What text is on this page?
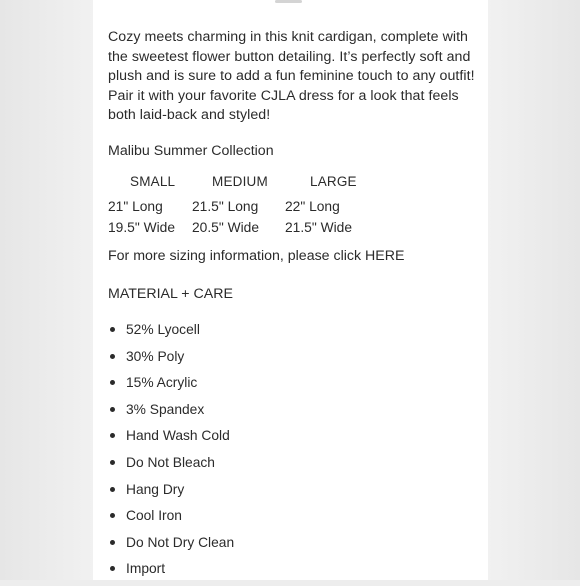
Cozy meets charming in this knit cardigan, complete with the sweetest flower button detailing. It’s perfectly soft and plush and is sure to add a fun feminine touch to any outfit! Pair it with your favorite CJLA dress for a look that feels both laid-back and styled!

Malibu Summer Collection
SMALL
21" Long
19.5" Wide
MEDIUM
21.5" Long
20.5" Wide
LARGE
22" Long
21.5" Wide
For more sizing information, please click HERE
MATERIAL + CARE
52% Lyocell
30% Poly
15% Acrylic
3% Spandex
Hand Wash Cold
Do Not Bleach
Hang Dry
Cool Iron
Do Not Dry Clean
Import
